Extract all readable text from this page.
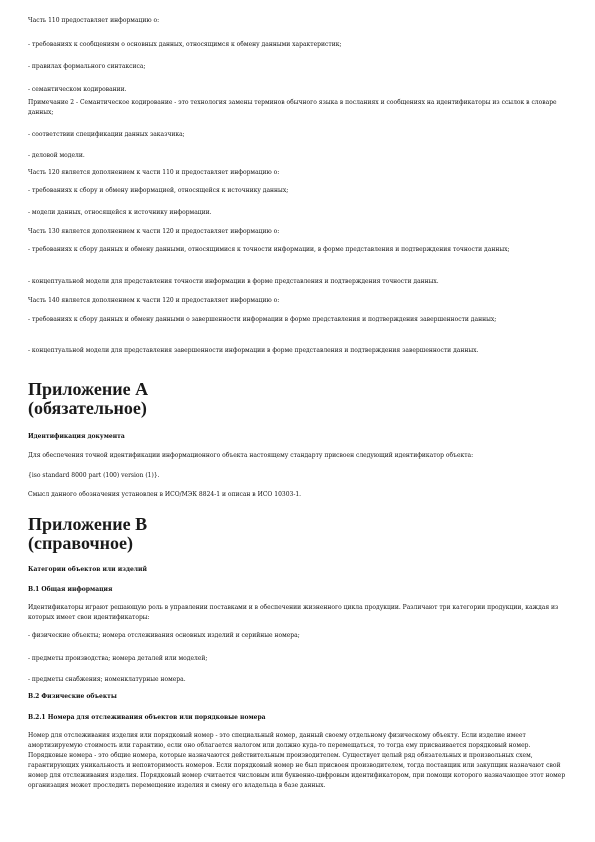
Часть 110 предоставляет информацию о:

- требованиях к сообщениям о основных данных, относящимся к обмену данными характеристик;

- правилах формального синтаксиса;

- семантическом кодировании.

Примечание 2 - Семантическое кодирование - это технология замены терминов обычного языка в посланиях и сообщениях на идентификаторы из ссылок в словаре данных;

- соответствии спецификации данных заказчика;

- деловой модели.

Часть 120 является дополнением к части 110 и предоставляет информацию о:

- требованиях к сбору и обмену информацией, относящейся к источнику данных;

- модели данных, относящейся к источнику информации.

Часть 130 является дополнением к части 120 и предоставляет информацию о:

- требованиях к сбору данных и обмену данными, относящимися к точности информации, в форме представления и подтверждения точности данных;

- концептуальной модели для представления точности информации в форме представления и подтверждения точности данных.

Часть 140 является дополнением к части 120 и предоставляет информацию о:

- требованиях к сбору данных и обмену данными о завершенности информации в форме представления и подтверждения завершенности данных;

- концептуальной модели для представления завершенности информации в форме представления и подтверждения завершенности данных.

Приложение А
(обязательное)
Идентификация документа

Для обеспечения точной идентификации информационного объекта настоящему стандарту присвоен следующий идентификатор объекта:

{iso standard 8000 part (100) version (1)}.

Смысл данного обозначения установлен в ИСО/МЭК 8824-1 и описан в ИСО 10303-1.

Приложение В
(справочное)
Категории объектов или изделий
В.1 Общая информация

Идентификаторы играют решающую роль в управлении поставками и в обеспечении жизненного цикла продукции. Различают три категории продукции, каждая из которых имеет свои идентификаторы:

- физические объекты; номера отслеживания основных изделий и серийные номера;

- предметы производства; номера деталей или моделей;

- предметы снабжения; номенклатурные номера.

В.2 Физические объекты
В.2.1 Номера для отслеживания объектов или порядковые номера

Номер для отслеживания изделия или порядковый номер - это специальный номер, данный своему отдельному физическому объекту. Если изделие имеет амортизируемую стоимость или гарантию, если оно облагается налогом или должно куда-то перемещаться, то тогда ему присваивается порядковый номер. Порядковые номера - это общие номера, которые назначаются действительным производителем. Существует целый ряд обязательных и произвольных схем, гарантирующих уникальность и неповторимость номеров. Если порядковый номер не был присвоен производителем, тогда поставщик или закупщик назначают свой номер для отслеживания изделия. Порядковый номер считается числовым или буквенно-цифровым идентификатором, при помощи которого назначающее этот номер организация может проследить перемещение изделия и смену его владельца в базе данных.
